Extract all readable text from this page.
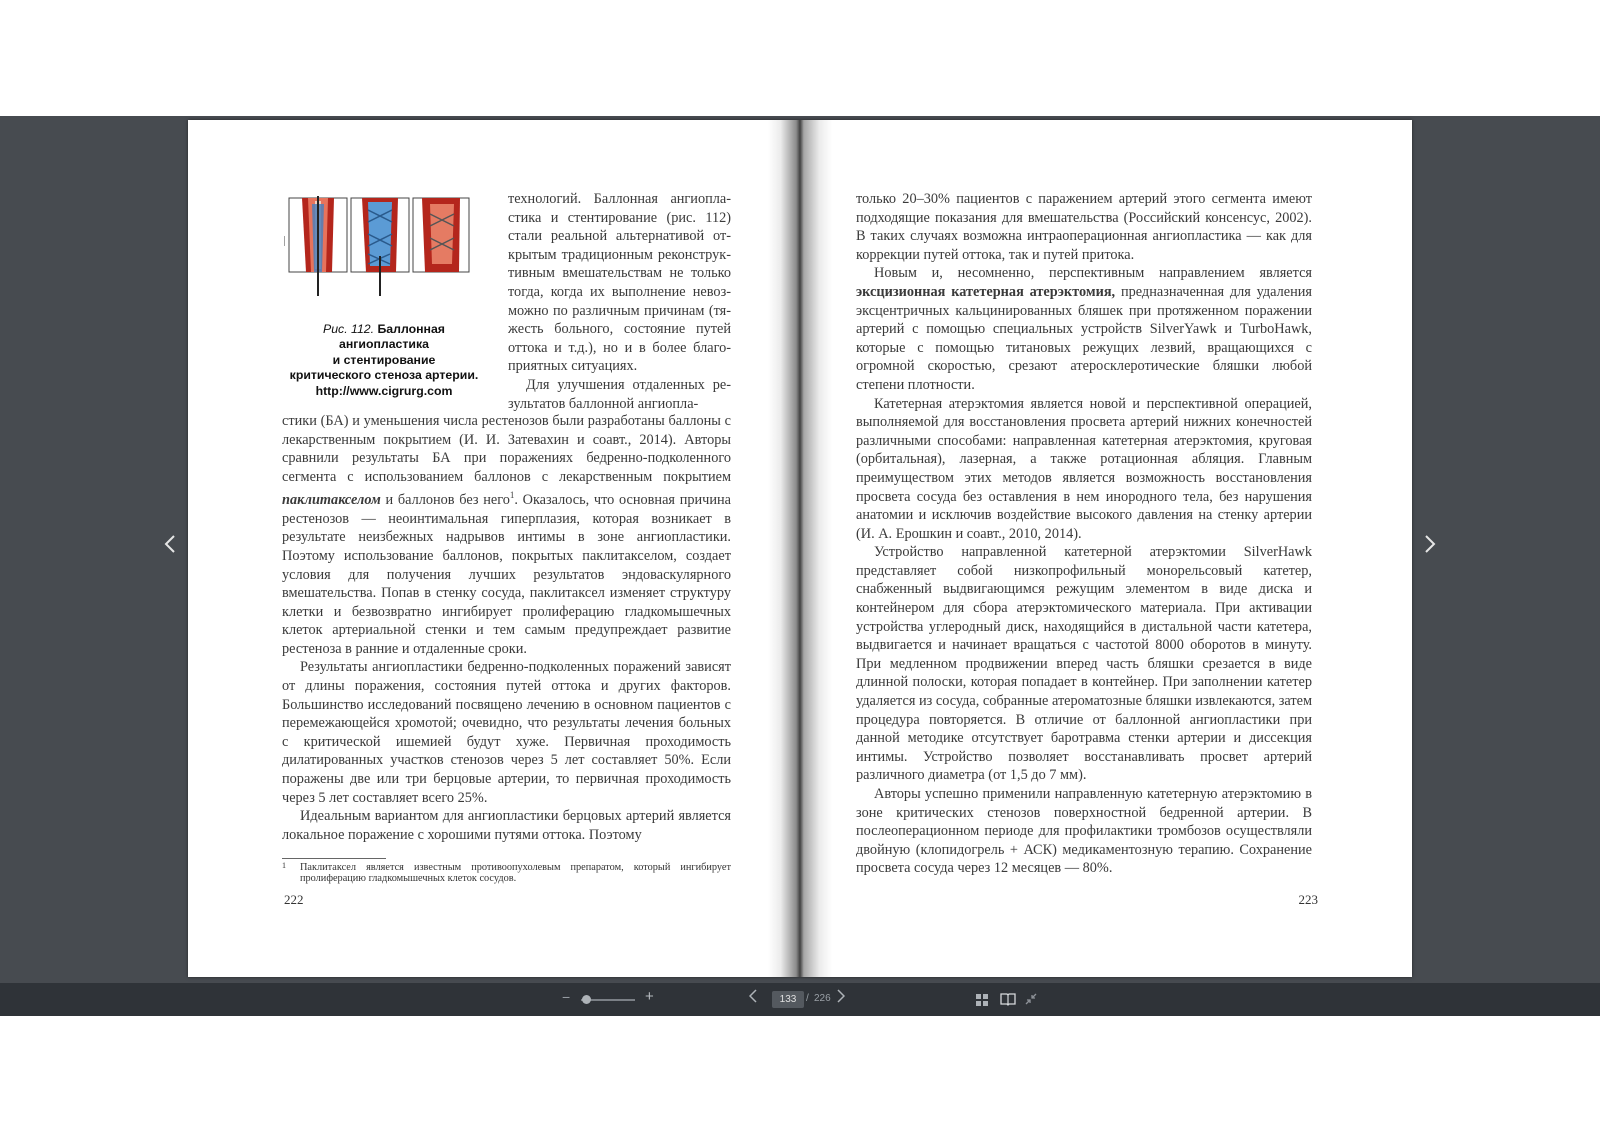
Рис. 112. Баллонная ангиопластика
и стентирование
критического стеноза артерии.
http://www.cigrurg.com

технологий. Баллонная ангиопла-

стика и стентирование (рис. 112)

стали реальной альтернативой от-

крытым традиционным реконструк-

тивным вмешательствам не только

тогда, когда их выполнение невоз-

можно по различным причинам (тя-

жесть больного, состояние путей

оттока и т.д.), но и в более благо-

приятных ситуациях.

Для улучшения отдаленных ре-

зультатов баллонной ангиопла-

стики (БА) и уменьшения числа рестенозов были разработаны баллоны с лекарственным покрытием (И. И. Затевахин и соавт., 2014). Авторы сравнили результаты БА при поражениях бедренно-подколенного сегмента с использованием баллонов с лекарственным покрытием паклитакселом и баллонов без него$^1$. Оказалось, что основная причина рестенозов — неоинтимальная гиперплазия, которая возникает в результате неизбежных надрывов интимы в зоне ангиопластики. Поэтому использование баллонов, покрытых паклитакселом, создает условия для получения лучших результатов эндоваскулярного вмешательства. Попав в стенку сосуда, паклитаксел изменяет структуру клетки и безвозвратно ингибирует пролиферацию гладкомышечных клеток артериальной стенки и тем самым предупреждает развитие рестеноза в ранние и отдаленные сроки.

Результаты ангиопластики бедренно-подколенных поражений зависят от длины поражения, состояния путей оттока и других факторов. Большинство исследований посвящено лечению в основном пациентов с перемежающейся хромотой; очевидно, что результаты лечения больных с критической ишемией будут хуже. Первичная проходимость дилатированных участков стенозов через 5 лет составляет 50%. Если поражены две или три берцовые артерии, то первичная проходимость через 5 лет составляет всего 25%.

Идеальным вариантом для ангиопластики берцовых артерий является локальное поражение с хорошими путями оттока. Поэтому

1	Паклитаксел является известным противоопухолевым препаратом, который ингибирует пролиферацию гладкомышечных клеток сосудов.
222

только 20–30% пациентов с паражением артерий этого сегмента имеют подходящие показания для вмешательства (Российский консенсус, 2002). В таких случаях возможна интраоперационная ангиопластика — как для коррекции путей оттока, так и путей притока.

Новым и, несомненно, перспективным направлением является эксцизионная катетерная атерэктомия, предназначенная для удаления эксцентричных кальцинированных бляшек при протяженном поражении артерий с помощью специальных устройств SilverYawk и TurboHawk, которые с помощью титановых режущих лезвий, вращающихся с огромной скоростью, срезают атеросклеротические бляшки любой степени плотности.

Катетерная атерэктомия является новой и перспективной операцией, выполняемой для восстановления просвета артерий нижних конечностей различными способами: направленная катетерная атерэктомия, круговая (орбитальная), лазерная, а также ротационная абляция. Главным преимуществом этих методов является возможность восстановления просвета сосуда без оставления в нем инородного тела, без нарушения анатомии и исключив воздействие высокого давления на стенку артерии (И. А. Ерошкин и соавт., 2010, 2014).

Устройство направленной катетерной атерэктомии SilverHawk представляет собой низкопрофильный монорельсовый катетер, снабженный выдвигающимся режущим элементом в виде диска и контейнером для сбора атерэктомического материала. При активации устройства углеродный диск, находящийся в дистальной части катетера, выдвигается и начинает вращаться с частотой 8000 оборотов в минуту. При медленном продвижении вперед часть бляшки срезается в виде длинной полоски, которая попадает в контейнер. При заполнении катетер удаляется из сосуда, собранные атероматозные бляшки извлекаются, затем процедура повторяется. В отличие от баллонной ангиопластики при данной методике отсутствует баротравма стенки артерии и диссекция интимы. Устройство позволяет восстанавливать просвет артерий различного диаметра (от 1,5 до 7 мм).

Авторы успешно применили направленную катетерную атерэктомию в зоне критических стенозов поверхностной бедренной артерии. В послеоперационном периоде для профилактики тромбозов осуществляли двойную (клопидогрель + АСК) медикаментозную терапию. Сохранение просвета сосуда через 12 месяцев — 80%.

223
−	+
133	/ 226
